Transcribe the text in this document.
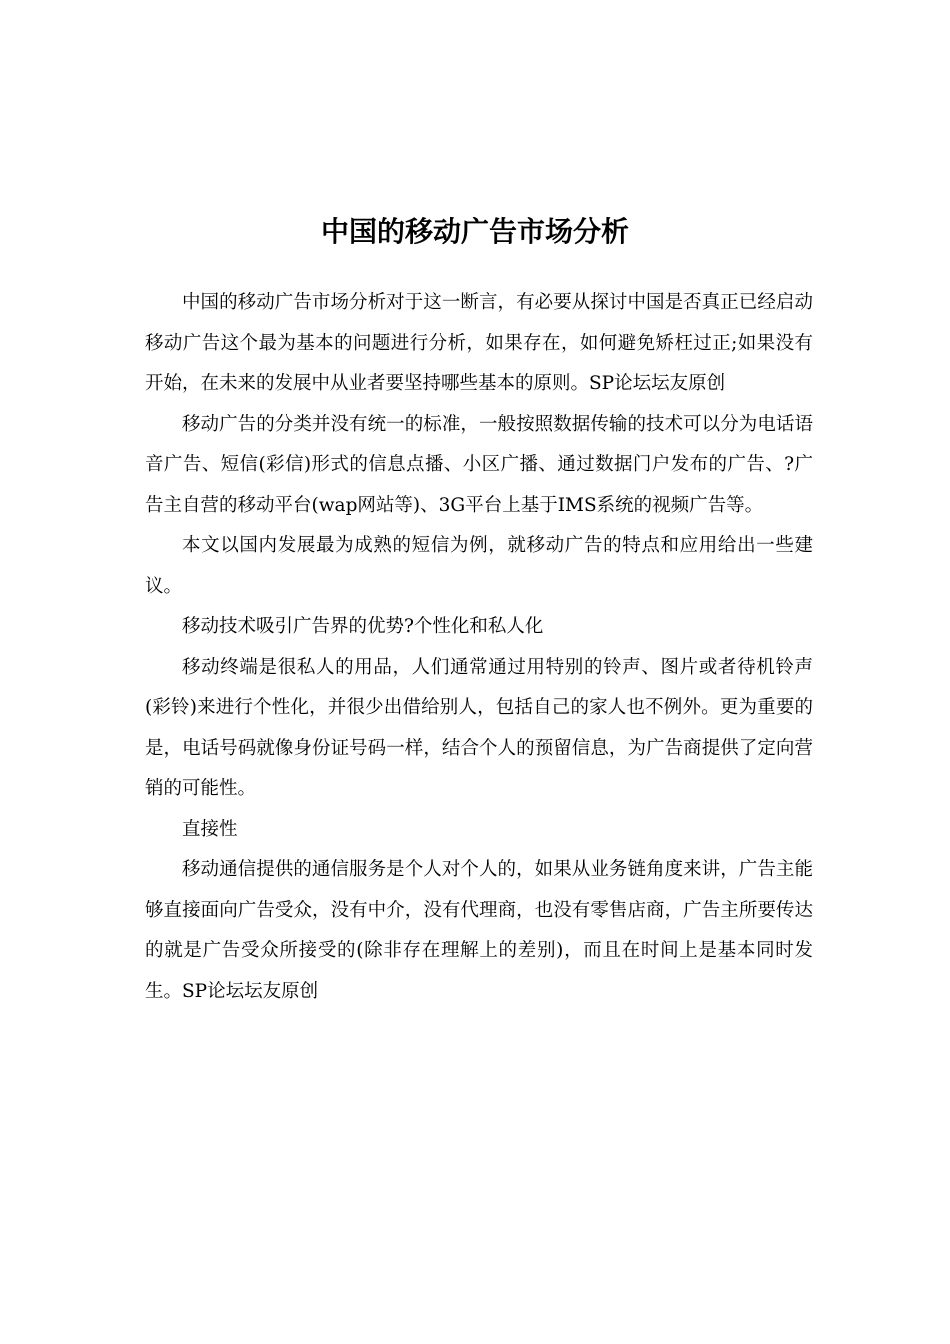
中国的移动广告市场分析

中国的移动广告市场分析对于这一断言，有必要从探讨中国是否真正已经启动移动广告这个最为基本的问题进行分析，如果存在，如何避免矫枉过正;如果没有开始，在未来的发展中从业者要坚持哪些基本的原则。SP论坛坛友原创

移动广告的分类并没有统一的标准，一般按照数据传输的技术可以分为电话语音广告、短信(彩信)形式的信息点播、小区广播、通过数据门户发布的广告、?广告主自营的移动平台(wap网站等)、3G平台上基于IMS系统的视频广告等。

本文以国内发展最为成熟的短信为例，就移动广告的特点和应用给出一些建议。

移动技术吸引广告界的优势?个性化和私人化

移动终端是很私人的用品，人们通常通过用特别的铃声、图片或者待机铃声(彩铃)来进行个性化，并很少出借给别人，包括自己的家人也不例外。更为重要的是，电话号码就像身份证号码一样，结合个人的预留信息，为广告商提供了定向营销的可能性。

直接性

移动通信提供的通信服务是个人对个人的，如果从业务链角度来讲，广告主能够直接面向广告受众，没有中介，没有代理商，也没有零售店商，广告主所要传达的就是广告受众所接受的(除非存在理解上的差别)，而且在时间上是基本同时发生。SP论坛坛友原创
